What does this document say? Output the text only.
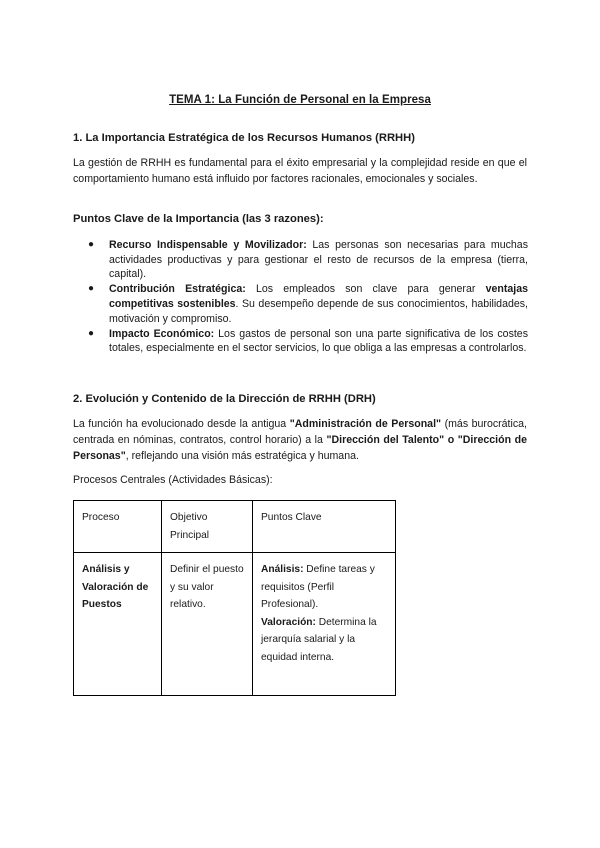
TEMA 1: La Función de Personal en la Empresa
1. La Importancia Estratégica de los Recursos Humanos (RRHH)
La gestión de RRHH es fundamental para el éxito empresarial y la complejidad reside en que el comportamiento humano está influido por factores racionales, emocionales y sociales.
Puntos Clave de la Importancia (las 3 razones):
● Recurso Indispensable y Movilizador: Las personas son necesarias para muchas actividades productivas y para gestionar el resto de recursos de la empresa (tierra, capital).
● Contribución Estratégica: Los empleados son clave para generar ventajas competitivas sostenibles. Su desempeño depende de sus conocimientos, habilidades, motivación y compromiso.
● Impacto Económico: Los gastos de personal son una parte significativa de los costes totales, especialmente en el sector servicios, lo que obliga a las empresas a controlarlos.
2. Evolución y Contenido de la Dirección de RRHH (DRH)
La función ha evolucionado desde la antigua "Administración de Personal" (más burocrática, centrada en nóminas, contratos, control horario) a la "Dirección del Talento" o "Dirección de Personas", reflejando una visión más estratégica y humana.
Procesos Centrales (Actividades Básicas):
Proceso	Objetivo Principal	Puntos Clave
Análisis y Valoración de Puestos	Definir el puesto y su valor relativo.	Análisis: Define tareas y requisitos (Perfil Profesional).
Valoración: Determina la jerarquía salarial y la equidad interna.
